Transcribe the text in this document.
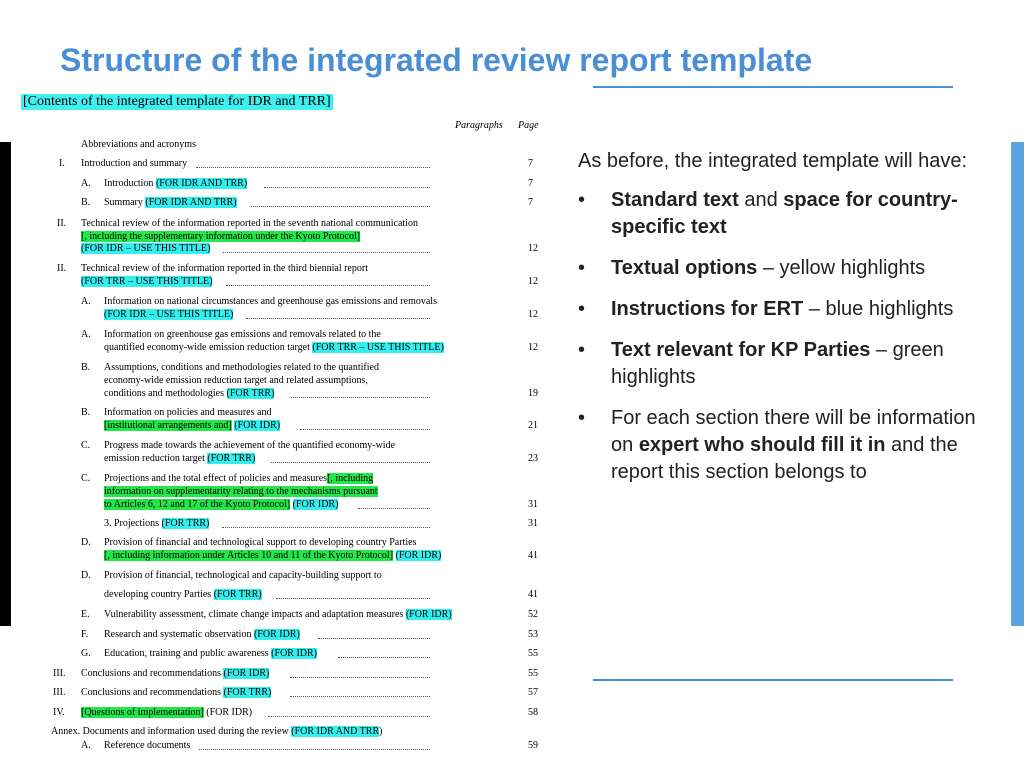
Structure of the integrated review report template
[Contents of the integrated template for IDR and TRR]
Paragraphs Page
Abbreviations and acronyms
I. Introduction and summary	7
A. Introduction (FOR IDR AND TRR)	7
B. Summary (FOR IDR AND TRR)	7
II. Technical review of the information reported in the seventh national communication
[, including the supplementary information under the Kyoto Protocol]
(FOR IDR – USE THIS TITLE)	12
II. Technical review of the information reported in the third biennial report
(FOR TRR – USE THIS TITLE)	12
A. Information on national circumstances and greenhouse gas emissions and removals
(FOR IDR – USE THIS TITLE)	12
A. Information on greenhouse gas emissions and removals related to the
quantified economy-wide emission reduction target (FOR TRR – USE THIS TITLE)	12
B. Assumptions, conditions and methodologies related to the quantified
economy-wide emission reduction target and related assumptions,
conditions and methodologies (FOR TRR)	19
B. Information on policies and measures and
[institutional arrangements and] (FOR IDR)	21
C. Progress made towards the achievement of the quantified economy-wide
emission reduction target (FOR TRR)	23
C. Projections and the total effect of policies and measures[, including
information on supplementarity relating to the mechanisms pursuant
to Articles 6, 12 and 17 of the Kyoto Protocol] (FOR IDR)	31
3. Projections (FOR TRR)	31
D. Provision of financial and technological support to developing country Parties
[, including information under Articles 10 and 11 of the Kyoto Protocol] (FOR IDR)	41
D. Provision of financial, technological and capacity-building support to
developing country Parties (FOR TRR)	41
E. Vulnerability assessment, climate change impacts and adaptation measures (FOR IDR)	52
F. Research and systematic observation (FOR IDR)	53
G. Education, training and public awareness (FOR IDR)	55
III. Conclusions and recommendations (FOR IDR)	55
III. Conclusions and recommendations (FOR TRR)	57
IV. [Questions of implementation] (FOR IDR)	58
Annex. Documents and information used during the review (FOR IDR AND TRR)
A. Reference documents	59
As before, the integrated template will have:
• Standard text and space for country-specific text
• Textual options – yellow highlights
• Instructions for ERT – blue highlights
• Text relevant for KP Parties – green highlights
• For each section there will be information on expert who should fill it in and the report this section belongs to
